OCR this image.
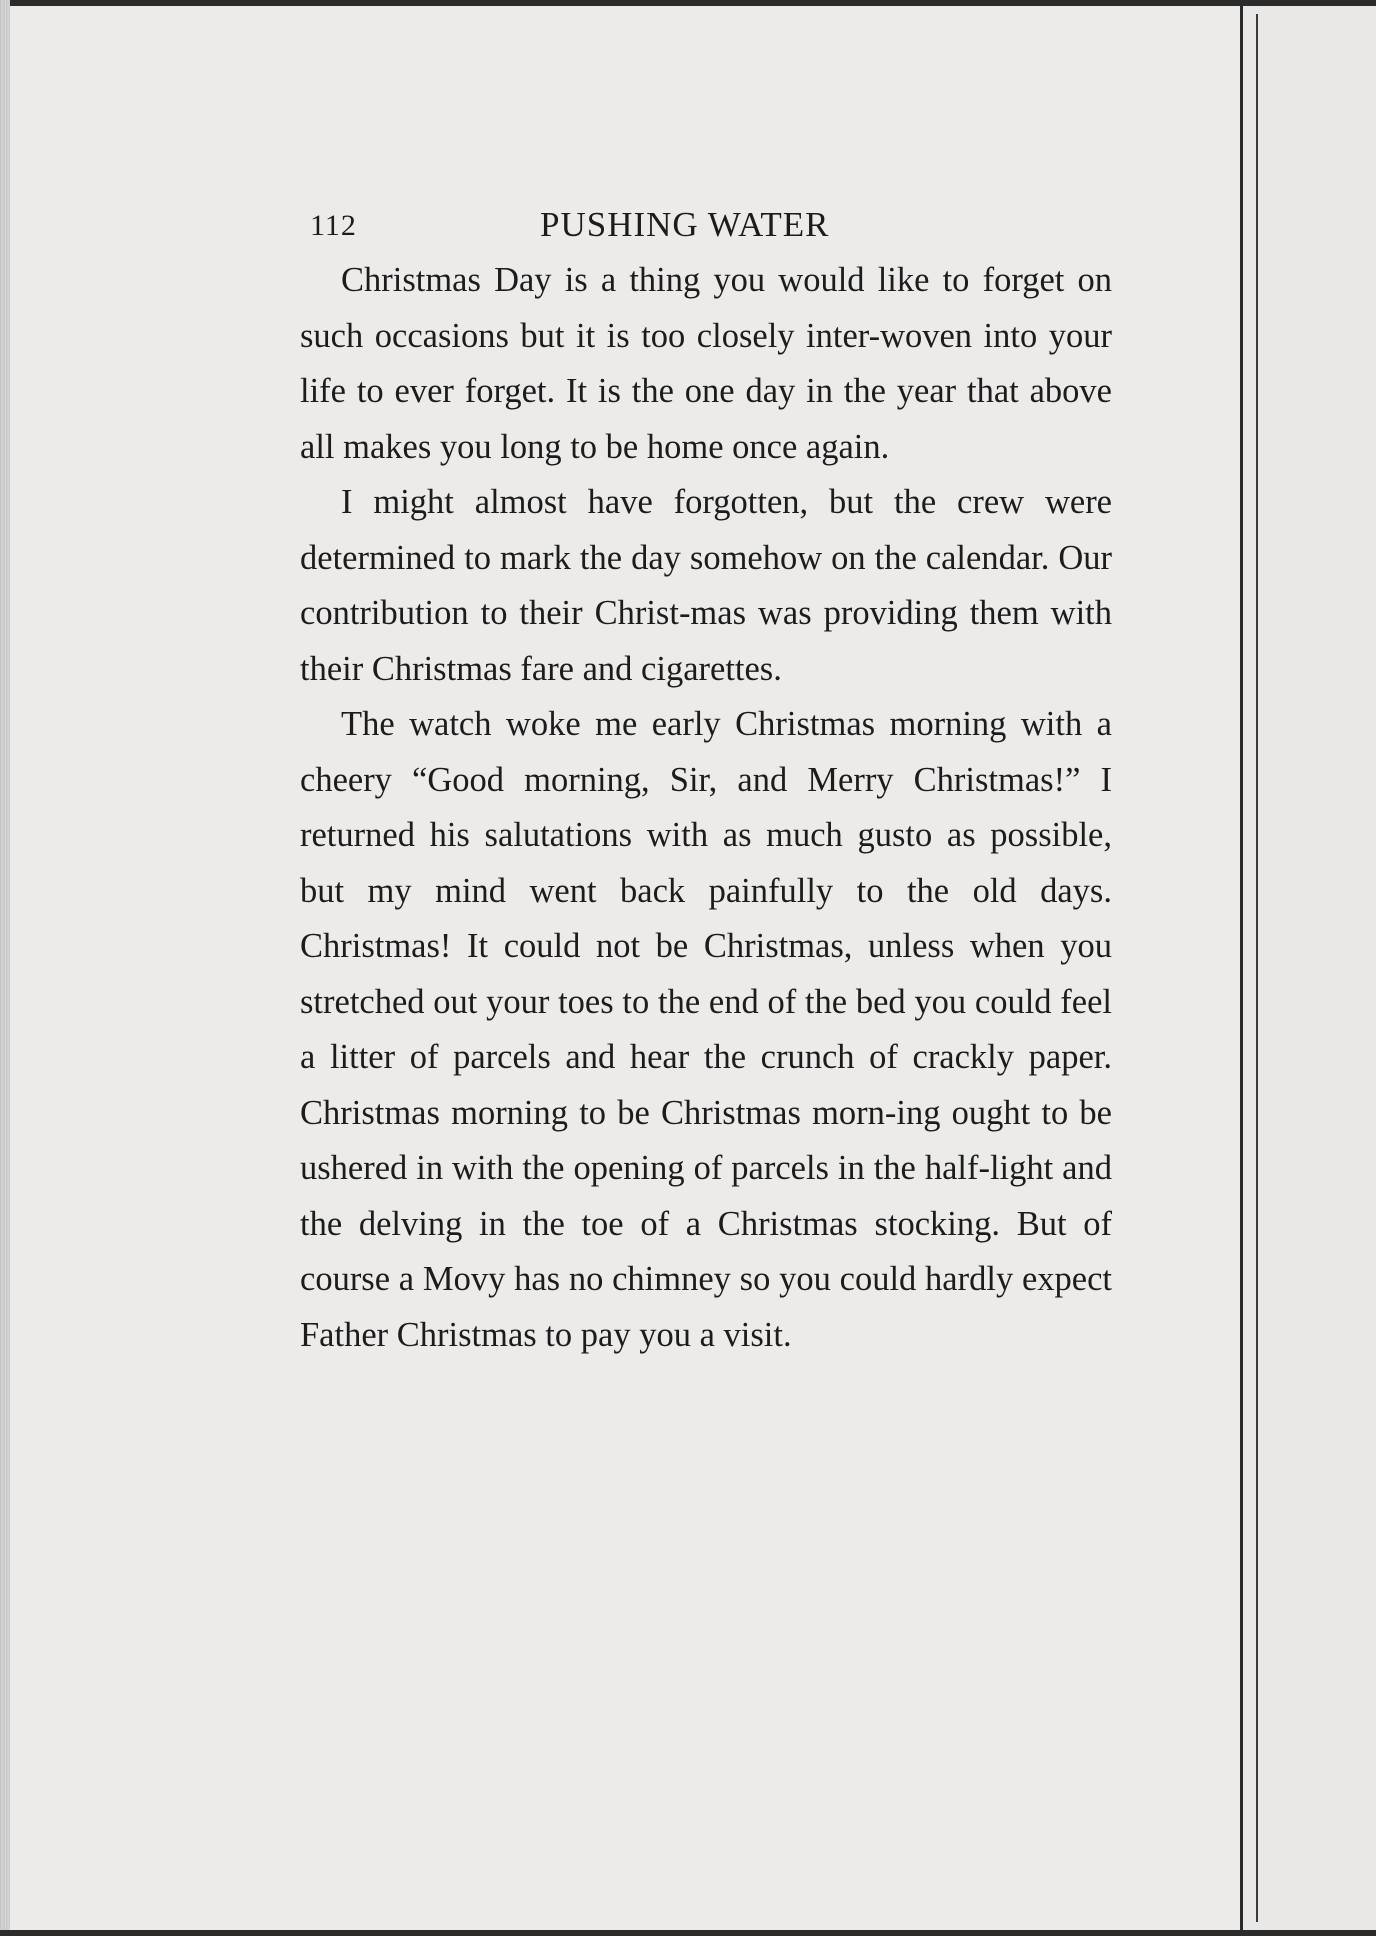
112	PUSHING WATER

Christmas Day is a thing you would like to forget on such occasions but it is too closely inter-woven into your life to ever forget. It is the one day in the year that above all makes you long to be home once again.

I might almost have forgotten, but the crew were determined to mark the day somehow on the calendar. Our contribution to their Christ-mas was providing them with their Christmas fare and cigarettes.

The watch woke me early Christmas morning with a cheery “Good morning, Sir, and Merry Christmas!” I returned his salutations with as much gusto as possible, but my mind went back painfully to the old days. Christmas! It could not be Christmas, unless when you stretched out your toes to the end of the bed you could feel a litter of parcels and hear the crunch of crackly paper. Christmas morning to be Christmas morn-ing ought to be ushered in with the opening of parcels in the half-light and the delving in the toe of a Christmas stocking. But of course a Movy has no chimney so you could hardly expect Father Christmas to pay you a visit.
